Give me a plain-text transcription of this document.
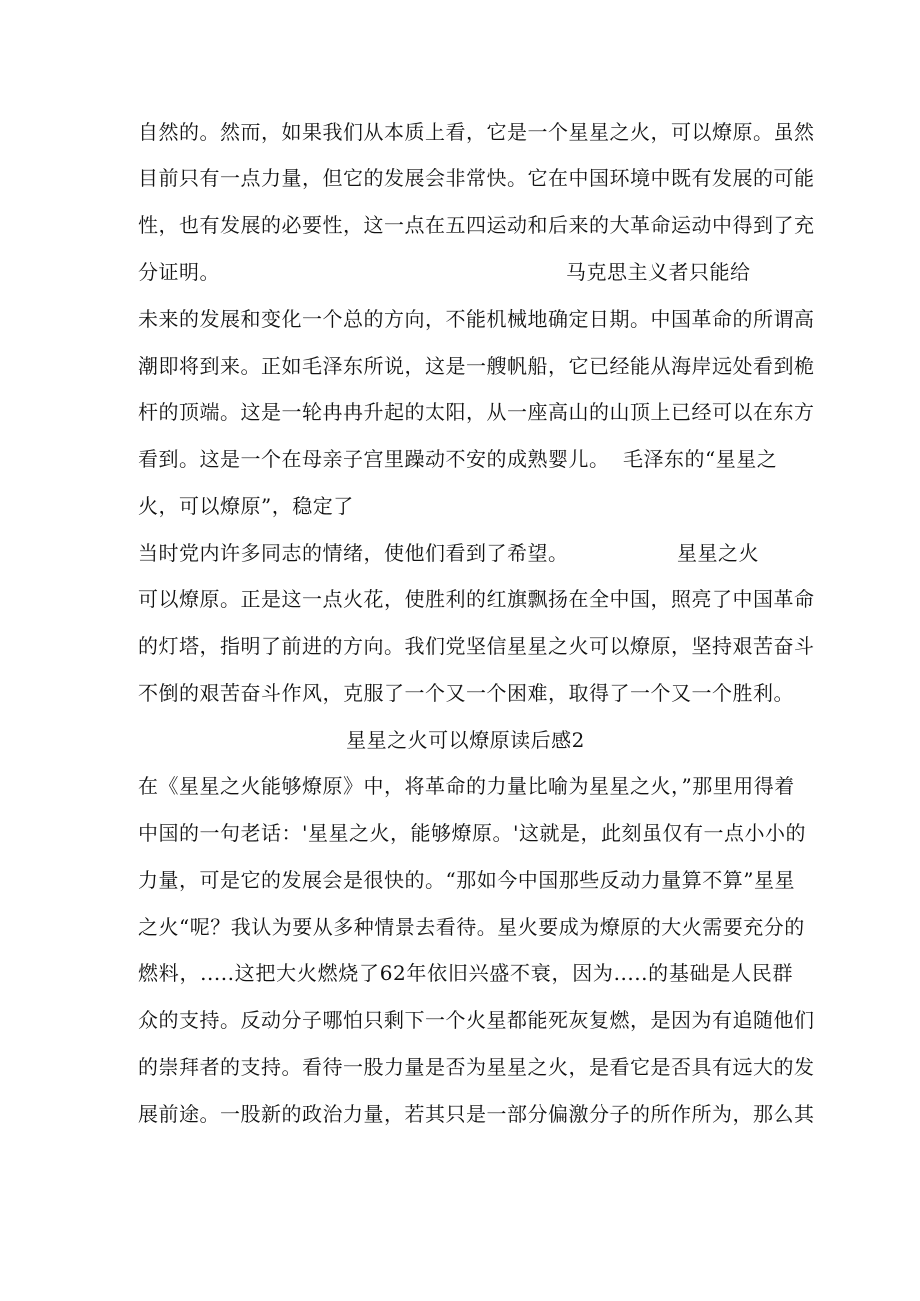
自然的。然而，如果我们从本质上看，它是一个星星之火，可以燎原。虽然
目前只有一点力量，但它的发展会非常快。它在中国环境中既有发展的可能
性，也有发展的必要性，这一点在五四运动和后来的大革命运动中得到了充
分证明。	马克思主义者只能给
未来的发展和变化一个总的方向，不能机械地确定日期。中国革命的所谓高
潮即将到来。正如毛泽东所说，这是一艘帆船，它已经能从海岸远处看到桅
杆的顶端。这是一轮冉冉升起的太阳，从一座高山的山顶上已经可以在东方
看到。这是一个在母亲子宫里躁动不安的成熟婴儿。 毛泽东的“星星之
火，可以燎原”，稳定了
当时党内许多同志的情绪，使他们看到了希望。	星星之火
可以燎原。正是这一点火花，使胜利的红旗飘扬在全中国，照亮了中国革命
的灯塔，指明了前进的方向。我们党坚信星星之火可以燎原，坚持艰苦奋斗
不倒的艰苦奋斗作风，克服了一个又一个困难，取得了一个又一个胜利。
星星之火可以燎原读后感2
在《星星之火能够燎原》中，将革命的力量比喻为星星之火，”那里用得着
中国的一句老话：'星星之火，能够燎原。'这就是，此刻虽仅有一点小小的
力量，可是它的发展会是很快的。“那如今中国那些反动力量算不算”星星
之火“呢？我认为要从多种情景去看待。星火要成为燎原的大火需要充分的
燃料，.....这把大火燃烧了62年依旧兴盛不衰，因为.....的基础是人民群
众的支持。反动分子哪怕只剩下一个火星都能死灰复燃，是因为有追随他们
的崇拜者的支持。看待一股力量是否为星星之火，是看它是否具有远大的发
展前途。一股新的政治力量，若其只是一部分偏激分子的所作所为，那么其
